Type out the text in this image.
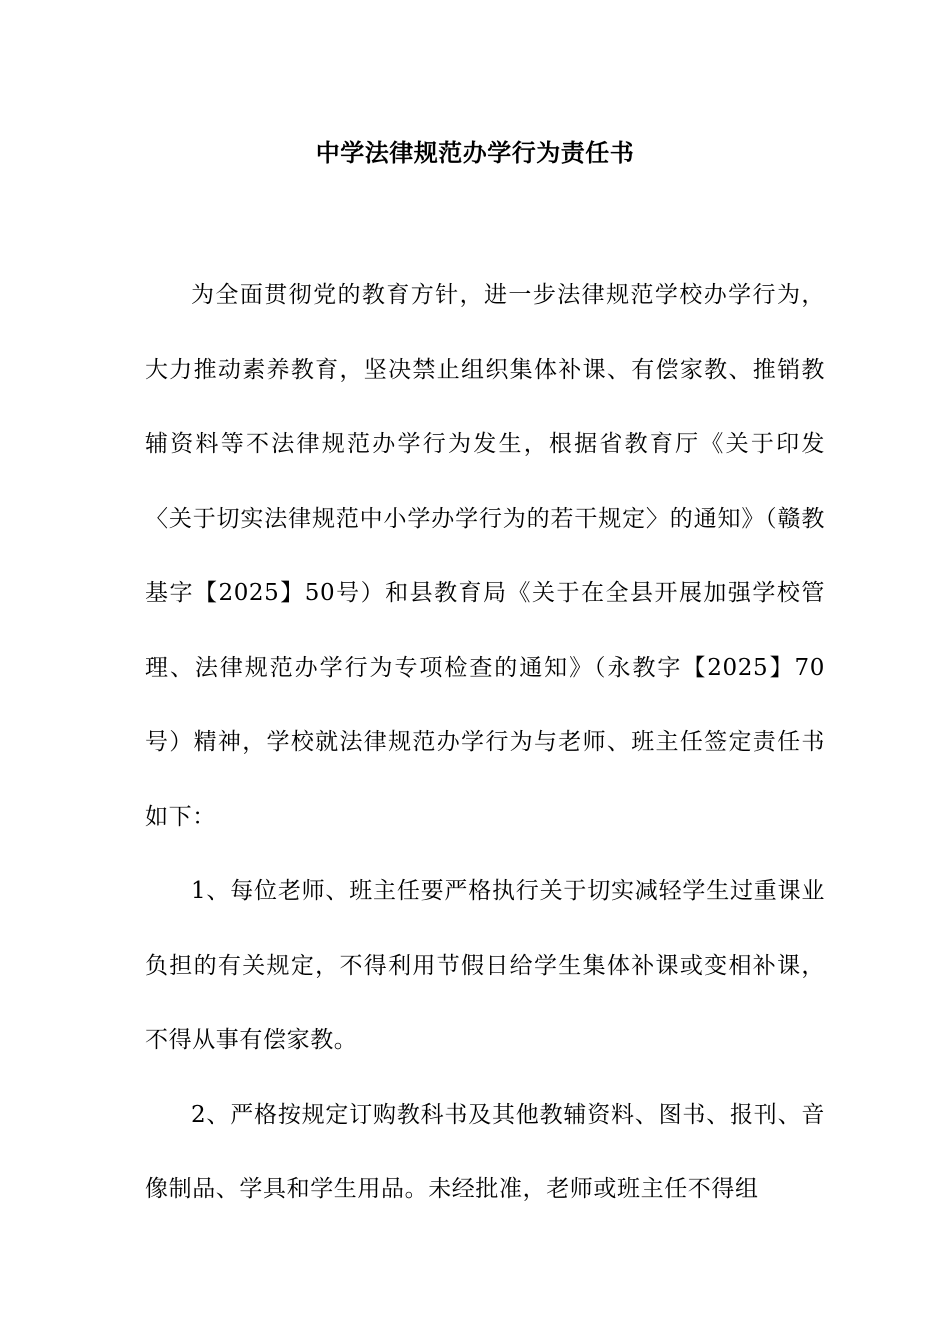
中学法律规范办学行为责任书

为全面贯彻党的教育方针，进一步法律规范学校办学行为，大力推动素养教育，坚决禁止组织集体补课、有偿家教、推销教辅资料等不法律规范办学行为发生，根据省教育厅《关于印发〈关于切实法律规范中小学办学行为的若干规定〉的通知》（赣教基字【2025】50号）和县教育局《关于在全县开展加强学校管理、法律规范办学行为专项检查的通知》（永教字【2025】70号）精神，学校就法律规范办学行为与老师、班主任签定责任书如下：

1、每位老师、班主任要严格执行关于切实减轻学生过重课业负担的有关规定，不得利用节假日给学生集体补课或变相补课，不得从事有偿家教。

2、严格按规定订购教科书及其他教辅资料、图书、报刊、音像制品、学具和学生用品。未经批准，老师或班主任不得组
